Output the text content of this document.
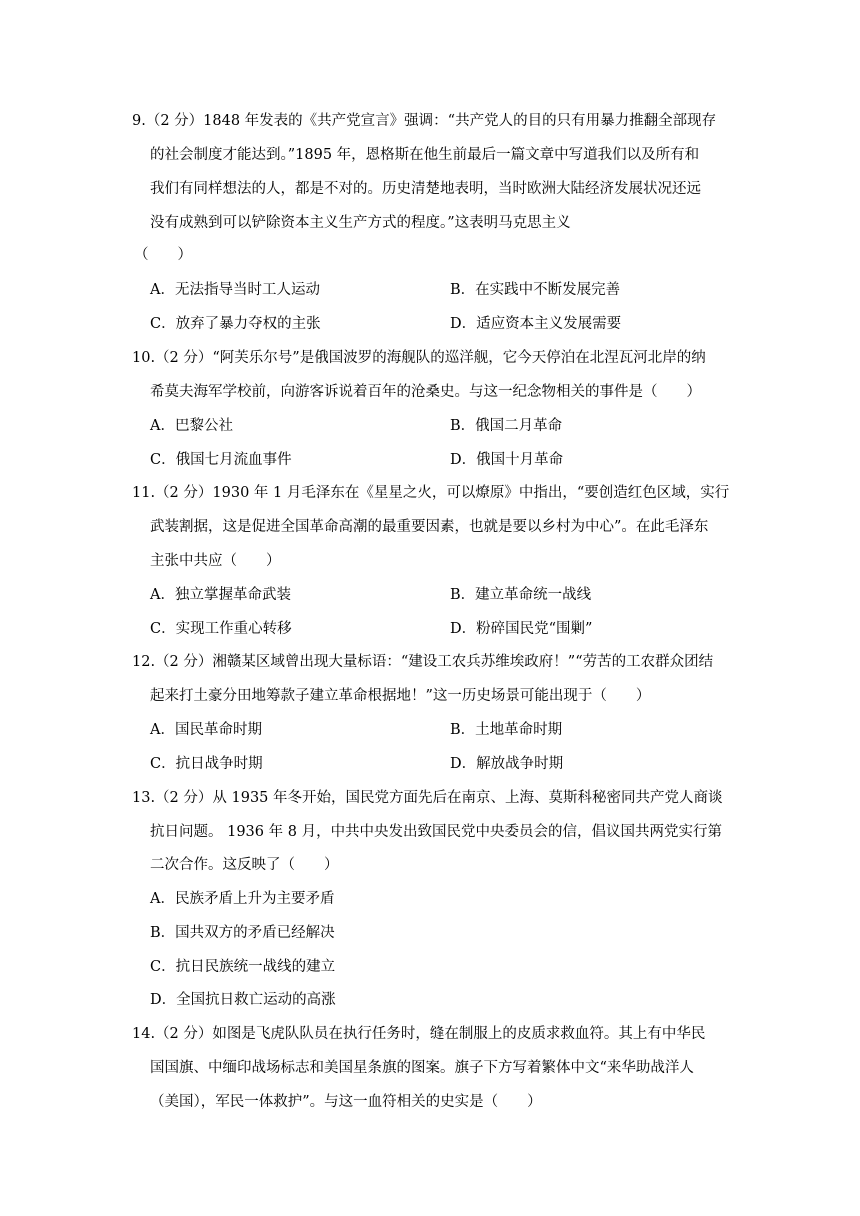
9.（2 分）1848 年发表的《共产党宣言》强调：“共产党人的目的只有用暴力推翻全部现存
的社会制度才能达到。”1895 年，恩格斯在他生前最后一篇文章中写道我们以及所有和
我们有同样想法的人，都是不对的。历史清楚地表明，当时欧洲大陆经济发展状况还远
没有成熟到可以铲除资本主义生产方式的程度。”这表明马克思主义
（　　）
A．无法指导当时工人运动	B．在实践中不断发展完善
C．放弃了暴力夺权的主张	D．适应资本主义发展需要
10.（2 分）“阿芙乐尔号”是俄国波罗的海舰队的巡洋舰，它今天停泊在北涅瓦河北岸的纳
希莫夫海军学校前，向游客诉说着百年的沧桑史。与这一纪念物相关的事件是（　　）
A．巴黎公社	B．俄国二月革命
C．俄国七月流血事件	D．俄国十月革命
11.（2 分）1930 年 1 月毛泽东在《星星之火，可以燎原》中指出，“要创造红色区域，实行
武装割据，这是促进全国革命高潮的最重要因素，也就是要以乡村为中心”。在此毛泽东
主张中共应（　　）
A．独立掌握革命武装	B．建立革命统一战线
C．实现工作重心转移	D．粉碎国民党“围剿”
12.（2 分）湘赣某区域曾出现大量标语：“建设工农兵苏维埃政府！”“劳苦的工农群众团结
起来打土豪分田地筹款子建立革命根据地！”这一历史场景可能出现于（　　）
A．国民革命时期	B．土地革命时期
C．抗日战争时期	D．解放战争时期
13.（2 分）从 1935 年冬开始，国民党方面先后在南京、上海、莫斯科秘密同共产党人商谈
抗日问题。 1936 年 8 月，中共中央发出致国民党中央委员会的信，倡议国共两党实行第
二次合作。这反映了（　　）
A．民族矛盾上升为主要矛盾
B．国共双方的矛盾已经解决
C．抗日民族统一战线的建立
D．全国抗日救亡运动的高涨
14.（2 分）如图是飞虎队队员在执行任务时，缝在制服上的皮质求救血符。其上有中华民
国国旗、中缅印战场标志和美国星条旗的图案。旗子下方写着繁体中文“来华助战洋人
（美国），军民一体救护”。与这一血符相关的史实是（　　）
